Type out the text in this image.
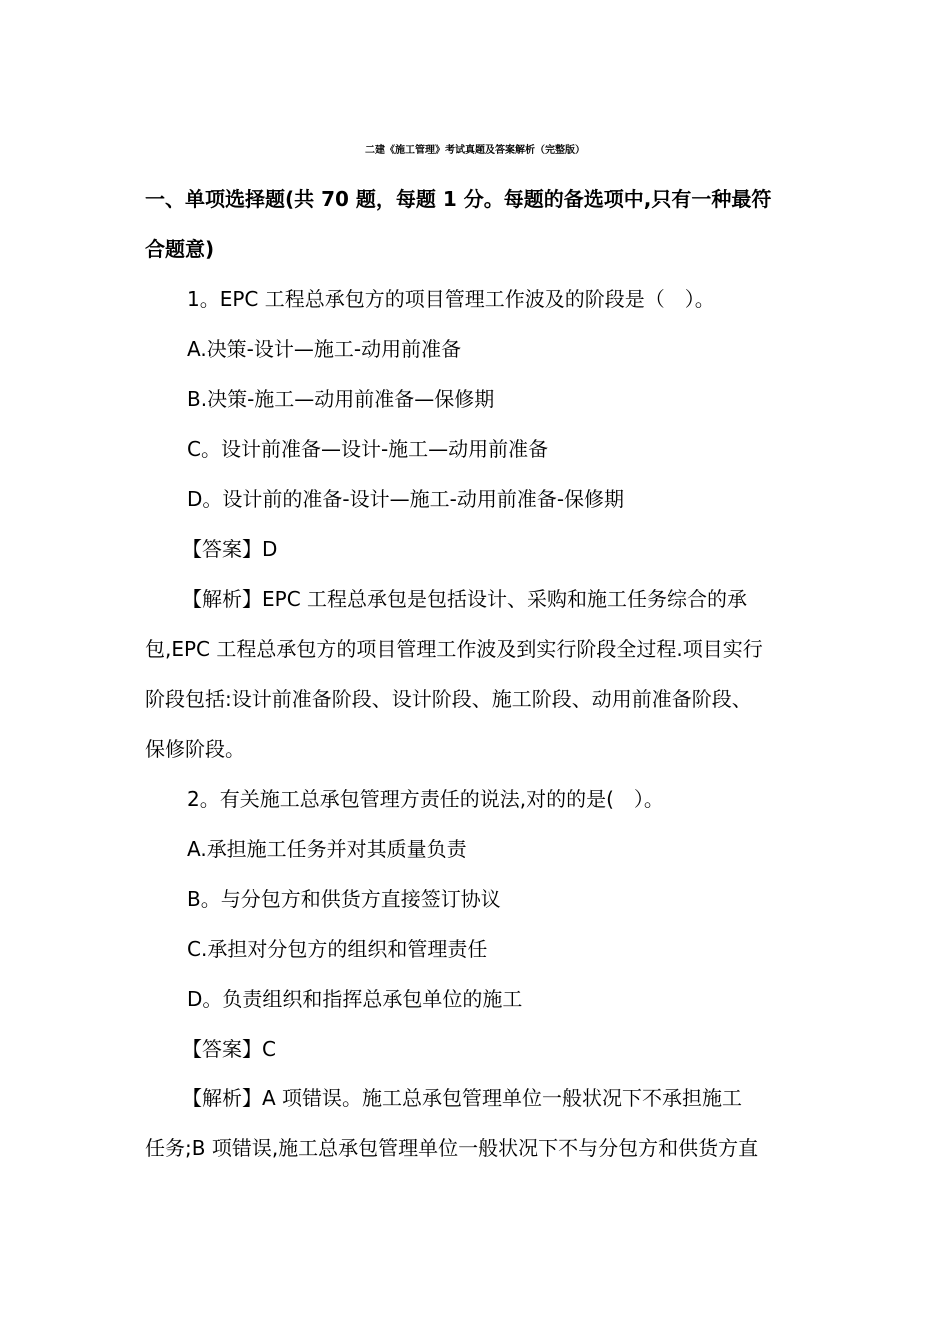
二建《施工管理》考试真题及答案解析（完整版）
一、单项选择题(共 70 题，每题 1 分。每题的备选项中,只有一种最符
合题意)
1。EPC 工程总承包方的项目管理工作波及的阶段是（　）。
A.决策-设计—施工-动用前准备
B.决策-施工—动用前准备—保修期
C。设计前准备—设计-施工—动用前准备
D。设计前的准备-设计—施工-动用前准备-保修期
【答案】D
【解析】EPC 工程总承包是包括设计、采购和施工任务综合的承
包,EPC 工程总承包方的项目管理工作波及到实行阶段全过程.项目实行
阶段包括:设计前准备阶段、设计阶段、施工阶段、动用前准备阶段、
保修阶段。
2。有关施工总承包管理方责任的说法,对的的是(　）。
A.承担施工任务并对其质量负责
B。与分包方和供货方直接签订协议
C.承担对分包方的组织和管理责任
D。负责组织和指挥总承包单位的施工
【答案】C
【解析】A 项错误。施工总承包管理单位一般状况下不承担施工
任务;B 项错误,施工总承包管理单位一般状况下不与分包方和供货方直
